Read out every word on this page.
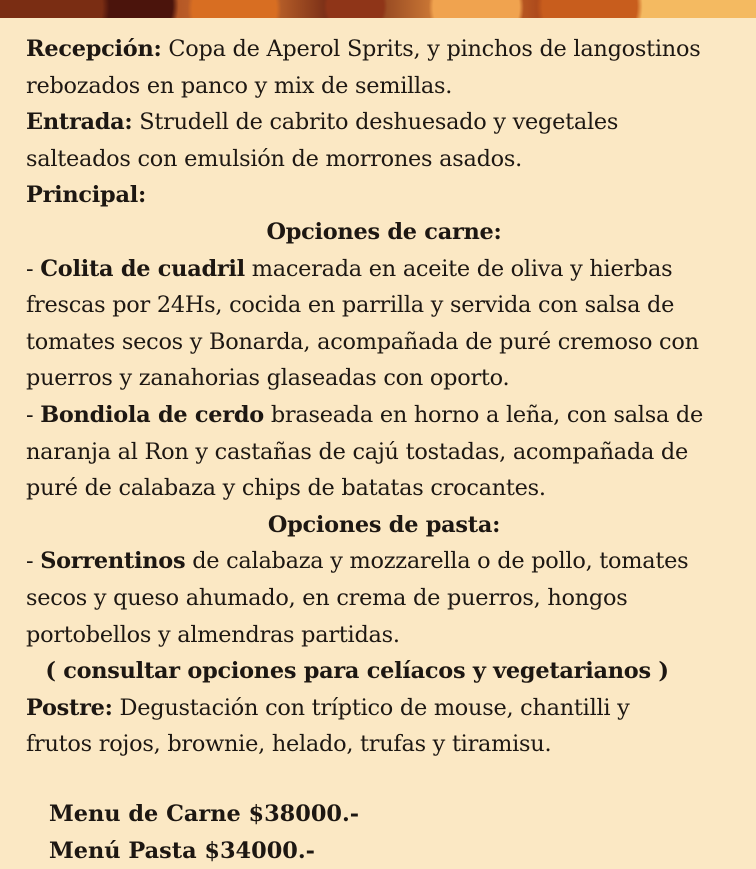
Recepción: Copa de Aperol Sprits, y pinchos de langostinos
rebozados en panco y mix de semillas.
Entrada: Strudell de cabrito deshuesado y vegetales
salteados con emulsión de morrones asados.
Principal:
Opciones de carne:
- Colita de cuadril macerada en aceite de oliva y hierbas
frescas por 24Hs, cocida en parrilla y servida con salsa de
tomates secos y Bonarda, acompañada de puré cremoso con
puerros y zanahorias glaseadas con oporto.
- Bondiola de cerdo braseada en horno a leña, con salsa de
naranja al Ron y castañas de cajú tostadas, acompañada de
puré de calabaza y chips de batatas crocantes.
Opciones de pasta:
- Sorrentinos de calabaza y mozzarella o de pollo, tomates
secos y queso ahumado, en crema de puerros, hongos
portobellos y almendras partidas.
( consultar opciones para celíacos y vegetarianos )
Postre: Degustación con tríptico de mouse, chantilli y
frutos rojos, brownie, helado, trufas y tiramisu.
Menu de Carne $38000.-
Menú Pasta $34000.-
